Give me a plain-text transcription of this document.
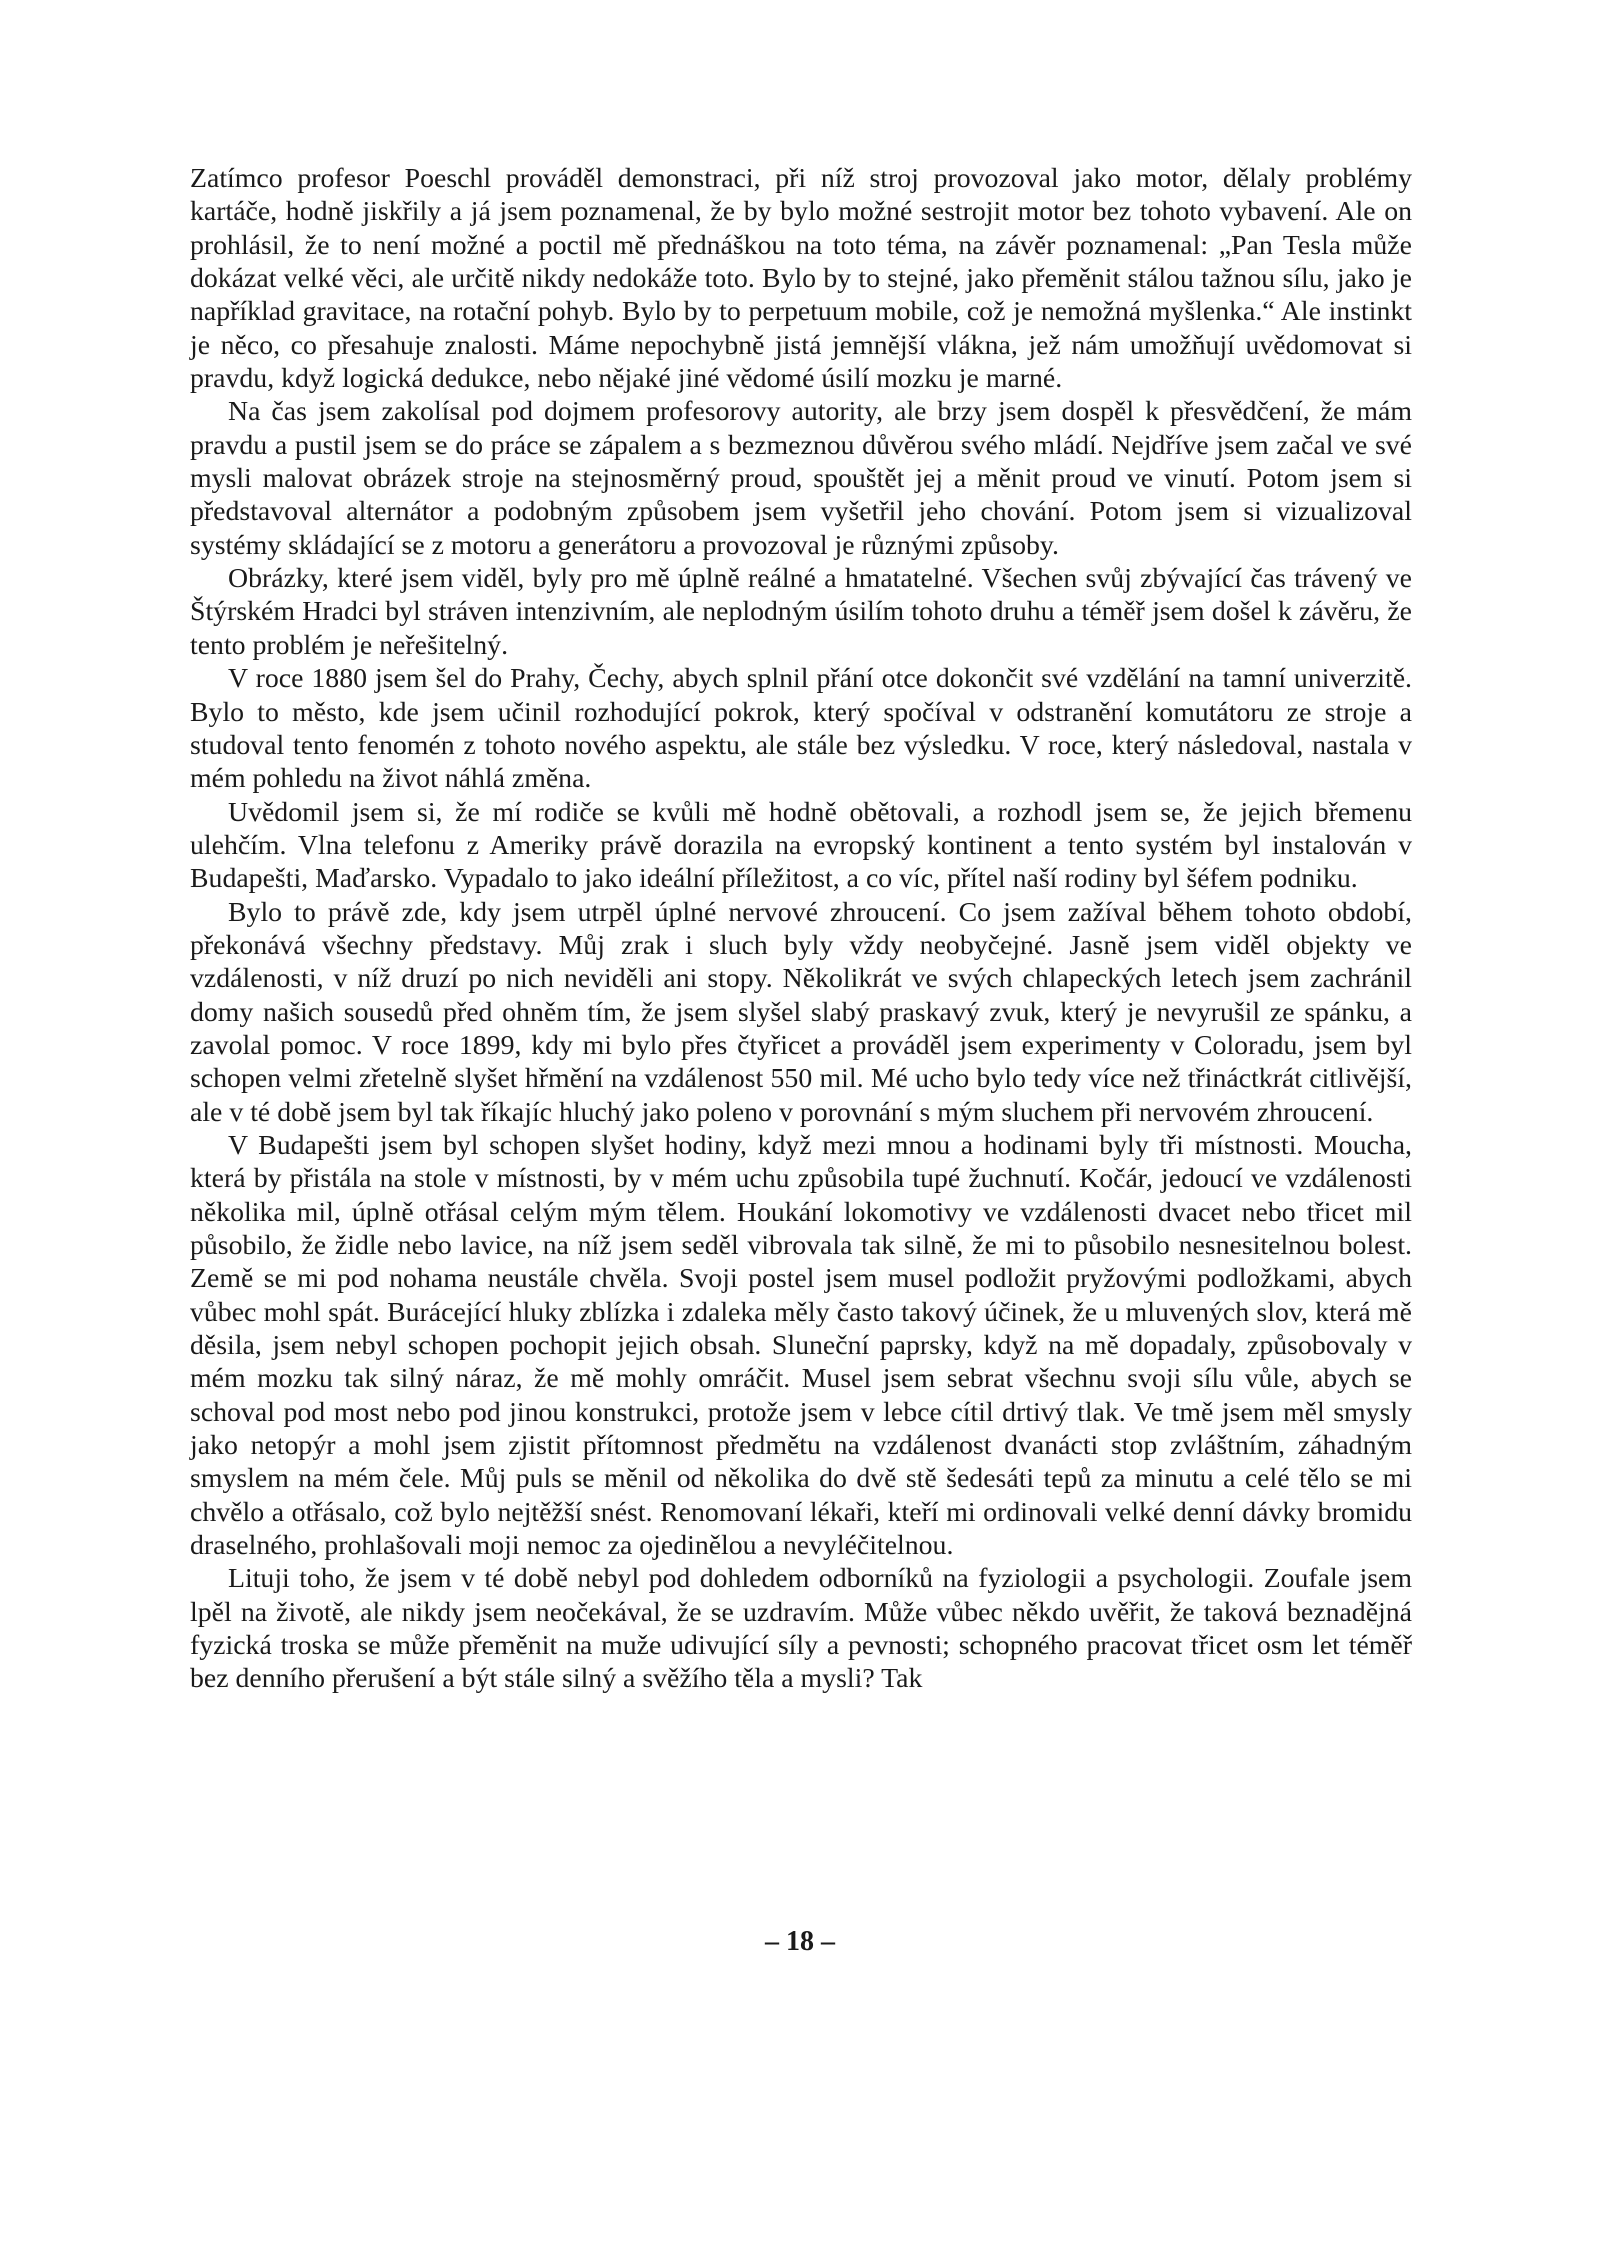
Zatímco profesor Poeschl prováděl demonstraci, při níž stroj provozoval jako motor, dělaly problémy kartáče, hodně jiskřily a já jsem poznamenal, že by bylo možné sestrojit motor bez tohoto vybavení. Ale on prohlásil, že to není možné a poctil mě přednáškou na toto téma, na závěr poznamenal: „Pan Tesla může dokázat velké věci, ale určitě nikdy nedokáže toto. Bylo by to stejné, jako přeměnit stálou tažnou sílu, jako je například gravitace, na rotační pohyb. Bylo by to perpetuum mobile, což je nemožná myšlenka.“ Ale instinkt je něco, co přesahuje znalosti. Máme nepochybně jistá jemnější vlákna, jež nám umožňují uvědomovat si pravdu, když logická dedukce, nebo nějaké jiné vědomé úsilí mozku je marné.

Na čas jsem zakolísal pod dojmem profesorovy autority, ale brzy jsem dospěl k přesvědčení, že mám pravdu a pustil jsem se do práce se zápalem a s bezmeznou důvěrou svého mládí. Nejdříve jsem začal ve své mysli malovat obrázek stroje na stejnosměrný proud, spouštět jej a měnit proud ve vinutí. Potom jsem si představoval alternátor a podobným způsobem jsem vyšetřil jeho chování. Potom jsem si vizualizoval systémy skládající se z motoru a generátoru a provozoval je různými způsoby.

Obrázky, které jsem viděl, byly pro mě úplně reálné a hmatatelné. Všechen svůj zbývající čas trávený ve Štýrském Hradci byl stráven intenzivním, ale neplodným úsilím tohoto druhu a téměř jsem došel k závěru, že tento problém je neřešitelný.

V roce 1880 jsem šel do Prahy, Čechy, abych splnil přání otce dokončit své vzdělání na tamní univerzitě. Bylo to město, kde jsem učinil rozhodující pokrok, který spočíval v odstranění komutátoru ze stroje a studoval tento fenomén z tohoto nového aspektu, ale stále bez výsledku. V roce, který následoval, nastala v mém pohledu na život náhlá změna.

Uvědomil jsem si, že mí rodiče se kvůli mě hodně obětovali, a rozhodl jsem se, že jejich břemenu ulehčím. Vlna telefonu z Ameriky právě dorazila na evropský kontinent a tento systém byl instalován v Budapešti, Maďarsko. Vypadalo to jako ideální příležitost, a co víc, přítel naší rodiny byl šéfem podniku.

Bylo to právě zde, kdy jsem utrpěl úplné nervové zhroucení. Co jsem zažíval během tohoto období, překonává všechny představy. Můj zrak i sluch byly vždy neobyčejné. Jasně jsem viděl objekty ve vzdálenosti, v níž druzí po nich neviděli ani stopy. Několikrát ve svých chlapeckých letech jsem zachránil domy našich sousedů před ohněm tím, že jsem slyšel slabý praskavý zvuk, který je nevyrušil ze spánku, a zavolal pomoc. V roce 1899, kdy mi bylo přes čtyřicet a prováděl jsem experimenty v Coloradu, jsem byl schopen velmi zřetelně slyšet hřmění na vzdálenost 550 mil. Mé ucho bylo tedy více než třináctkrát citlivější, ale v té době jsem byl tak říkajíc hluchý jako poleno v porovnání s mým sluchem při nervovém zhroucení.

V Budapešti jsem byl schopen slyšet hodiny, když mezi mnou a hodinami byly tři místnosti. Moucha, která by přistála na stole v místnosti, by v mém uchu způsobila tupé žuchnutí. Kočár, jedoucí ve vzdálenosti několika mil, úplně otřásal celým mým tělem. Houkání lokomotivy ve vzdálenosti dvacet nebo třicet mil působilo, že židle nebo lavice, na níž jsem seděl vibrovala tak silně, že mi to působilo nesnesitelnou bolest. Země se mi pod nohama neustále chvěla. Svoji postel jsem musel podložit pryžovými podložkami, abych vůbec mohl spát. Burácející hluky zblízka i zdaleka měly často takový účinek, že u mluvených slov, která mě děsila, jsem nebyl schopen pochopit jejich obsah. Sluneční paprsky, když na mě dopadaly, způsobovaly v mém mozku tak silný náraz, že mě mohly omráčit. Musel jsem sebrat všechnu svoji sílu vůle, abych se schoval pod most nebo pod jinou konstrukci, protože jsem v lebce cítil drtivý tlak. Ve tmě jsem měl smysly jako netopýr a mohl jsem zjistit přítomnost předmětu na vzdálenost dvanácti stop zvláštním, záhadným smyslem na mém čele. Můj puls se měnil od několika do dvě stě šedesáti tepů za minutu a celé tělo se mi chvělo a otřásalo, což bylo nejtěžší snést. Renomovaní lékaři, kteří mi ordinovali velké denní dávky bromidu draselného, prohlašovali moji nemoc za ojedinělou a nevyléčitelnou.

Lituji toho, že jsem v té době nebyl pod dohledem odborníků na fyziologii a psychologii. Zoufale jsem lpěl na životě, ale nikdy jsem neočekával, že se uzdravím. Může vůbec někdo uvěřit, že taková beznadějná fyzická troska se může přeměnit na muže udivující síly a pevnosti; schopného pracovat třicet osm let téměř bez denního přerušení a být stále silný a svěžího těla a mysli? Tak

– 18 –
